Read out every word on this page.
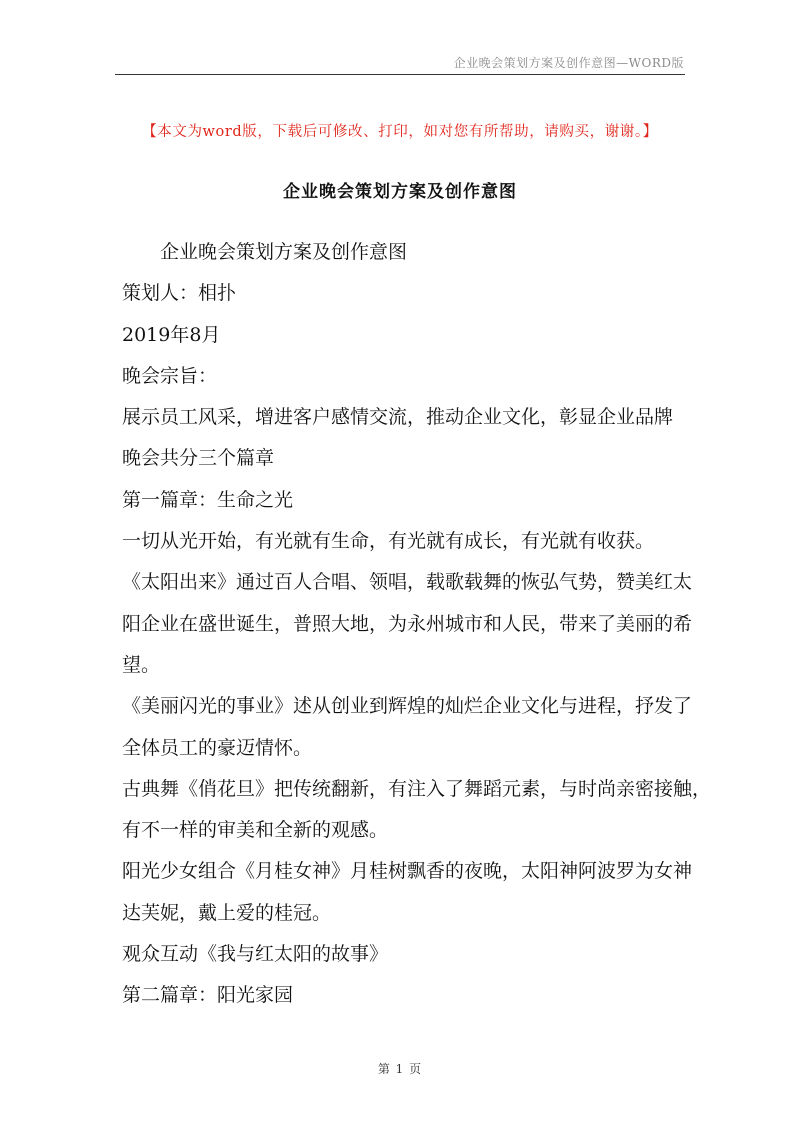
企业晚会策划方案及创作意图—WORD版
【本文为word版，下载后可修改、打印，如对您有所帮助，请购买，谢谢。】
企业晚会策划方案及创作意图

企业晚会策划方案及创作意图

策划人：相扑

2019年8月

晚会宗旨：

展示员工风采，增进客户感情交流，推动企业文化，彰显企业品牌

晚会共分三个篇章

第一篇章：生命之光

一切从光开始，有光就有生命，有光就有成长，有光就有收获。

《太阳出来》通过百人合唱、领唱，载歌载舞的恢弘气势，赞美红太

阳企业在盛世诞生，普照大地，为永州城市和人民，带来了美丽的希

望。

《美丽闪光的事业》述从创业到辉煌的灿烂企业文化与进程，抒发了

全体员工的豪迈情怀。

古典舞《俏花旦》把传统翻新，有注入了舞蹈元素，与时尚亲密接触，

有不一样的审美和全新的观感。

阳光少女组合《月桂女神》月桂树飘香的夜晚，太阳神阿波罗为女神

达芙妮，戴上爱的桂冠。

观众互动《我与红太阳的故事》

第二篇章：阳光家园

第 1 页
